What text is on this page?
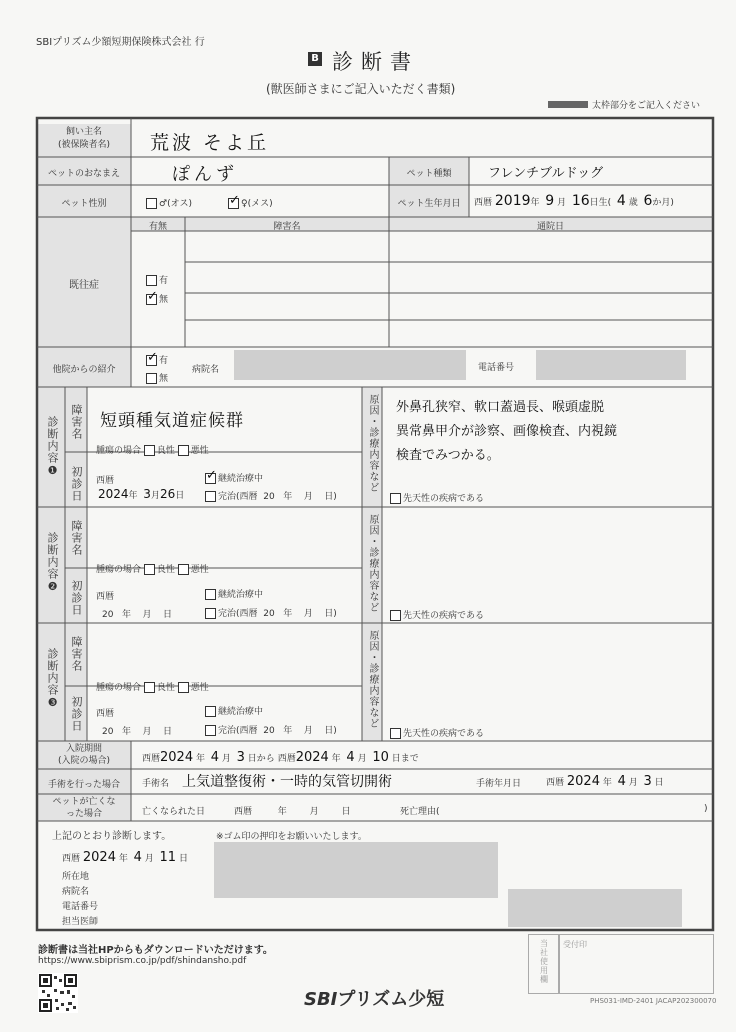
SBIプリズム少額短期保険株式会社 行
B 診断書
(獣医師さまにご記入いただく書類)
太枠部分をご記入ください
飼い主名
(被保険者名)	荒波 そよ丘
ペットのおなまえ	ぽんず	ペット種類	フレンチブルドッグ
ペット性別	♂(オス)
✓	♀(メス)	ペット生年月日	西暦 2019年 9 月 16日生( 4 歳 6か月)
既往症
有無	障害名	通院日
有
✓無
他院からの紹介
✓有
無
病院名	電話番号
診断内容❶
障害名
初診日
短頭種気道症候群
腫瘍の場合 良性 悪性
西暦
2024年 3月26日
✓継続治療中
完治(西暦  20   年 月 日)
原因・診療内容など 外鼻孔狭窄、軟口蓋過長、喉頭虚脱
異常鼻甲介が診察、画像検査、内視鏡
検査でみつかる。
先天性の疾病である
診断内容❷
障害名
初診日
腫瘍の場合 良性 悪性
西暦
20 年 月 日
継続治療中
完治(西暦  20   年 月 日)
原因・診療内容など
先天性の疾病である
診断内容❸
障害名
初診日
腫瘍の場合 良性 悪性
西暦
20 年 月 日
継続治療中
完治(西暦  20   年 月 日)
原因・診療内容など
先天性の疾病である
入院期間
(入院の場合)	西暦2024 年 4 月 3 日から 西暦2024 年 4 月 10 日まで
手術を行った場合	手術名 上気道整復術・一時的気管切開術	手術年月日	西暦 2024 年 4 月 3 日
ペットが亡くな
った場合	亡くなられた日	西暦	年	月	日	死亡理由(	)
上記のとおり診断します。	※ゴム印の押印をお願いいたします。
西暦 2024 年 4 月 11 日
所在地
病院名
電話番号
担当医師
診断書は当社HPからもダウンロードいただけます。
https://www.sbiprism.co.jp/pdf/shindansho.pdf
SBIプリズム少短
当社使用欄 受付印
PHS031-IMD-2401 JACAP202300070
